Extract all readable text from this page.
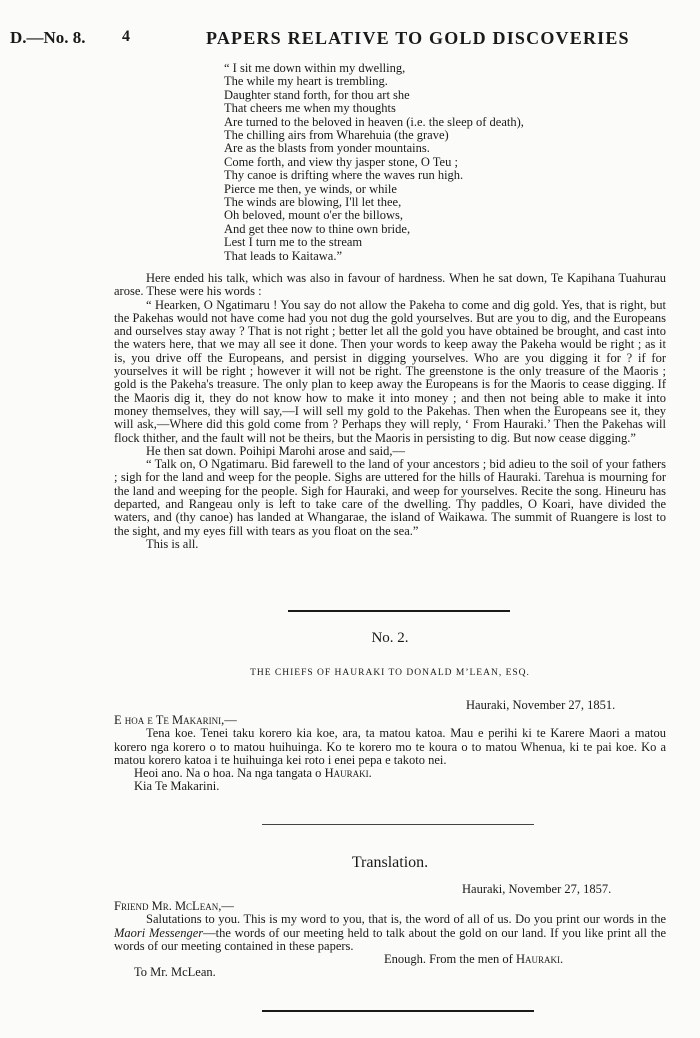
D.—No. 8. 4	PAPERS RELATIVE TO GOLD DISCOVERIES
“ I sit me down within my dwelling,
The while my heart is trembling.
Daughter stand forth, for thou art she
That cheers me when my thoughts
Are turned to the beloved in heaven (i.e. the sleep of death),
The chilling airs from Wharehuia (the grave)
Are as the blasts from yonder mountains.
Come forth, and view thy jasper stone, O Teu ;
Thy canoe is drifting where the waves run high.
Pierce me then, ye winds, or while
The winds are blowing, I'll let thee,
Oh beloved, mount o'er the billows,
And get thee now to thine own bride,
Lest I turn me to the stream
That leads to Kaitawa.”

Here ended his talk, which was also in favour of hardness. When he sat down, Te Kapihana Tuahurau arose. These were his words :

“ Hearken, O Ngatimaru ! You say do not allow the Pakeha to come and dig gold. Yes, that is right, but the Pakehas would not have come had you not dug the gold yourselves. But are you to dig, and the Europeans and ourselves stay away ? That is not right ; better let all the gold you have obtained be brought, and cast into the waters here, that we may all see it done. Then your words to keep away the Pakeha would be right ; as it is, you drive off the Europeans, and persist in digging yourselves. Who are you digging it for ? if for yourselves it will be right ; however it will not be right. The greenstone is the only treasure of the Maoris ; gold is the Pakeha's treasure. The only plan to keep away the Europeans is for the Maoris to cease digging. If the Maoris dig it, they do not know how to make it into money ; and then not being able to make it into money themselves, they will say,—I will sell my gold to the Pakehas. Then when the Europeans see it, they will ask,—Where did this gold come from ? Perhaps they will reply, ‘ From Hauraki.’ Then the Pakehas will flock thither, and the fault will not be theirs, but the Maoris in persisting to dig. But now cease digging.”

He then sat down. Poihipi Marohi arose and said,—

“ Talk on, O Ngatimaru. Bid farewell to the land of your ancestors ; bid adieu to the soil of your fathers ; sigh for the land and weep for the people. Sighs are uttered for the hills of Hauraki. Tarehua is mourning for the land and weeping for the people. Sigh for Hauraki, and weep for yourselves. Recite the song. Hineuru has departed, and Rangeau only is left to take care of the dwelling. Thy paddles, O Koari, have divided the waters, and (thy canoe) has landed at Whangarae, the island of Waikawa. The summit of Ruangere is lost to the sight, and my eyes fill with tears as you float on the sea.”

This is all.

No. 2.
THE CHIEFS OF HAURAKI TO DONALD M’LEAN, ESQ.
Hauraki, November 27, 1851.

E hoa e Te Makarini,—

Tena koe. Tenei taku korero kia koe, ara, ta matou katoa. Mau e perihi ki te Karere Maori a matou korero nga korero o to matou huihuinga. Ko te korero mo te koura o to matou Whenua, ki te pai koe. Ko a matou korero katoa i te huihuinga kei roto i enei pepa e takoto nei.

Heoi ano. Na o hoa. Na nga tangata o Hauraki.

Kia Te Makarini.

Translation.
Hauraki, November 27, 1857.

Friend Mr. McLean,—

Salutations to you. This is my word to you, that is, the word of all of us. Do you print our words in the Maori Messenger—the words of our meeting held to talk about the gold on our land. If you like print all the words of our meeting contained in these papers.

Enough. From the men of Hauraki.

To Mr. McLean.
